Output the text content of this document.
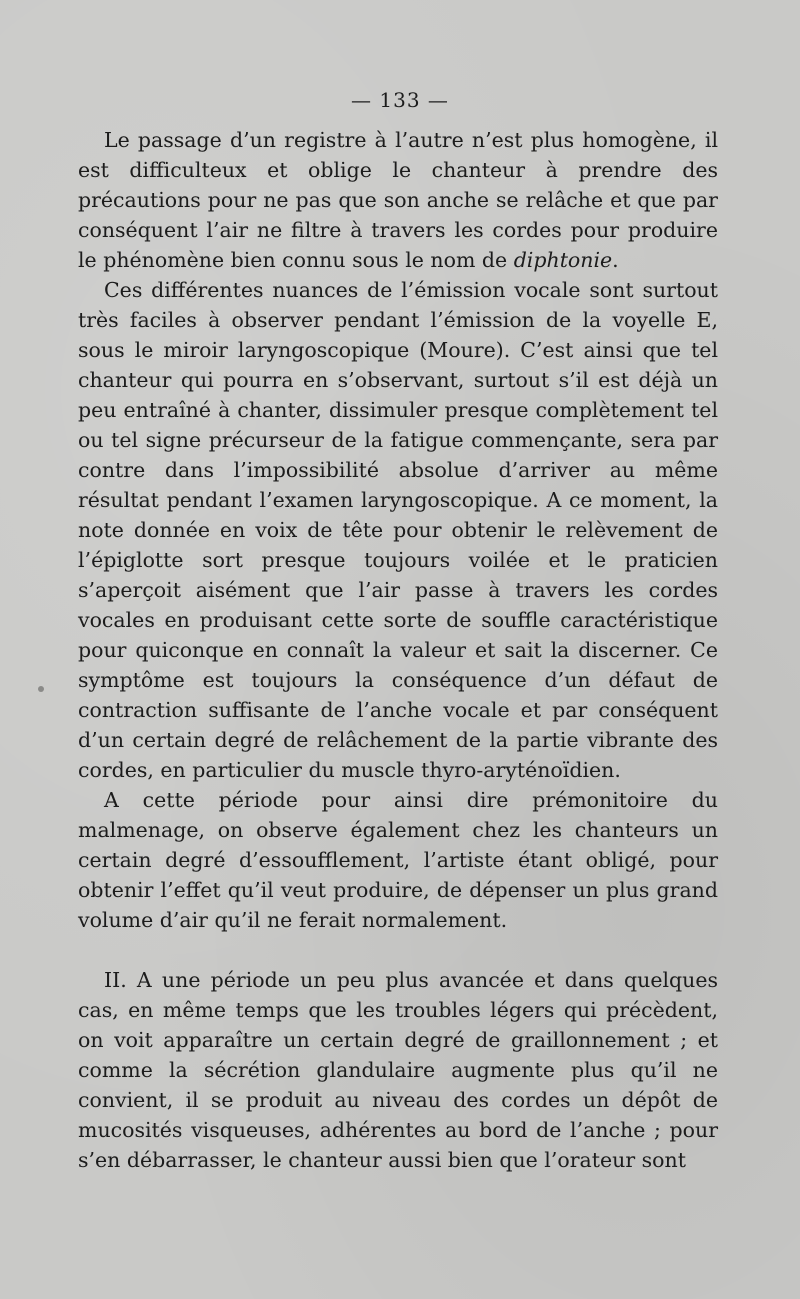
— 133 —

Le passage d’un registre à l’autre n’est plus homogène, il est difficulteux et oblige le chanteur à prendre des précautions pour ne pas que son anche se relâche et que par conséquent l’air ne filtre à travers les cordes pour produire le phénomène bien connu sous le nom de diphtonie.

Ces différentes nuances de l’émission vocale sont surtout très faciles à observer pendant l’émission de la voyelle E, sous le miroir laryngoscopique (Moure). C’est ainsi que tel chanteur qui pourra en s’observant, surtout s’il est déjà un peu entraîné à chanter, dissimuler presque complètement tel ou tel signe précurseur de la fatigue commençante, sera par contre dans l’impossibilité absolue d’arriver au même résultat pendant l’examen laryngoscopique. A ce moment, la note donnée en voix de tête pour obtenir le relèvement de l’épiglotte sort presque toujours voilée et le praticien s’aperçoit aisément que l’air passe à travers les cordes vocales en produisant cette sorte de souffle caractéristique pour quiconque en connaît la valeur et sait la discerner. Ce symptôme est toujours la conséquence d’un défaut de contraction suffisante de l’anche vocale et par conséquent d’un certain degré de relâchement de la partie vibrante des cordes, en particulier du muscle thyro-aryténoïdien.

A cette période pour ainsi dire prémonitoire du malmenage, on observe également chez les chanteurs un certain degré d’essoufflement, l’artiste étant obligé, pour obtenir l’effet qu’il veut produire, de dépenser un plus grand volume d’air qu’il ne ferait normalement.

II. A une période un peu plus avancée et dans quelques cas, en même temps que les troubles légers qui précèdent, on voit apparaître un certain degré de graillonnement ; et comme la sécrétion glandulaire augmente plus qu’il ne convient, il se produit au niveau des cordes un dépôt de mucosités visqueuses, adhérentes au bord de l’anche ; pour s’en débarrasser, le chanteur aussi bien que l’orateur sont
